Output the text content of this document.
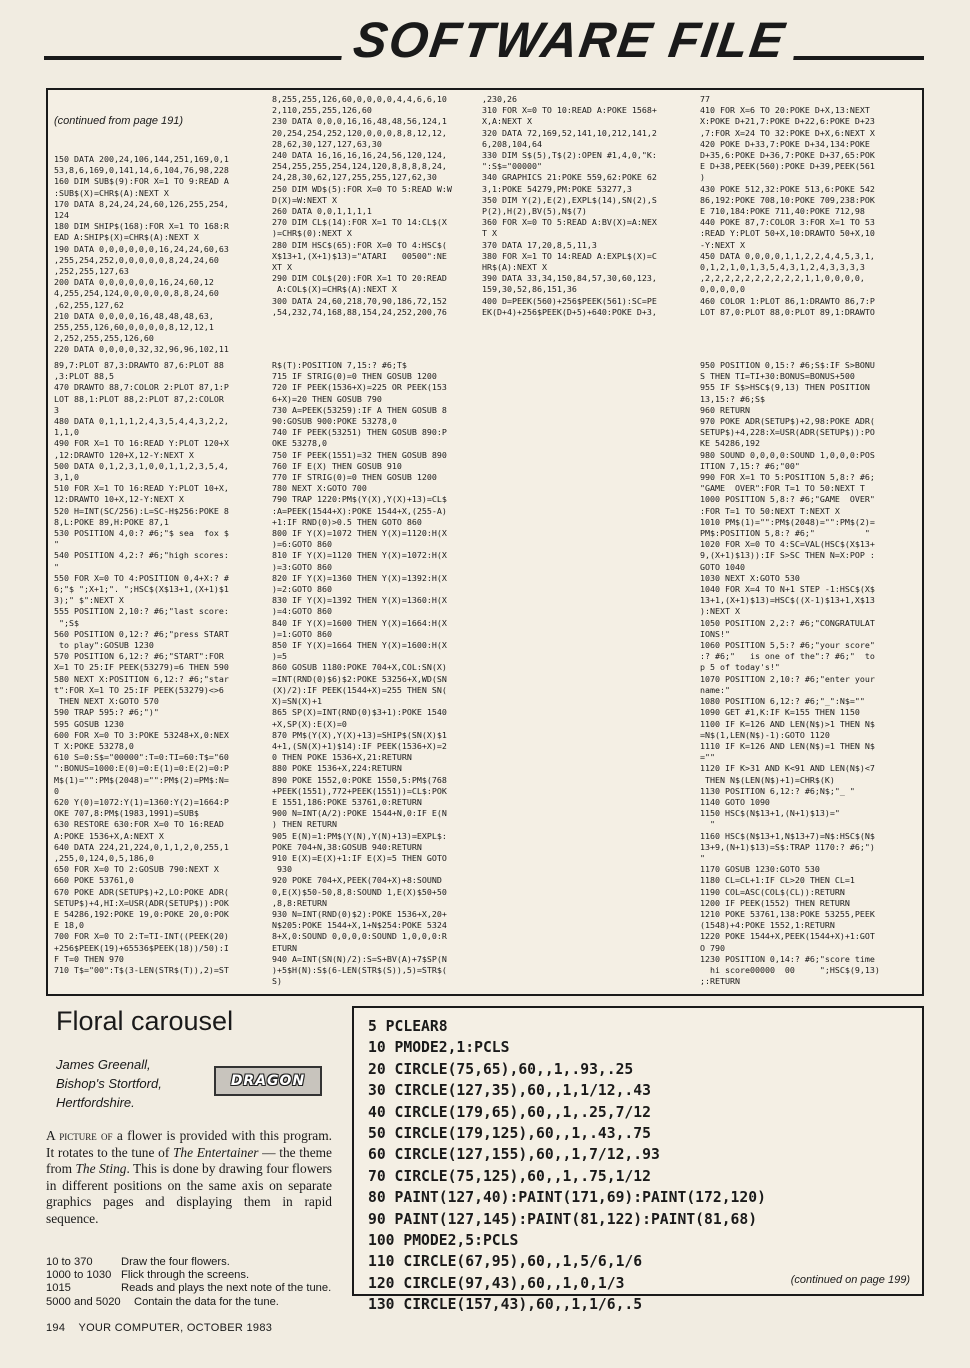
SOFTWARE FILE

(continued from page 191)

150 DATA 200,24,106,144,251,169,0,1
53,8,6,169,0,141,14,6,104,76,98,228
160 DIM SUB$(9):FOR X=1 TO 9:READ A
:SUB$(X)=CHR$(A):NEXT X
170 DATA 8,24,24,24,60,126,255,254,
124
180 DIM SHIP$(168):FOR X=1 TO 168:R
EAD A:SHIP$(X)=CHR$(A):NEXT X
190 DATA 0,0,0,0,0,0,16,24,24,60,63
,255,254,252,0,0,0,0,0,8,24,24,60
,252,255,127,63
200 DATA 0,0,0,0,0,0,16,24,60,12
4,255,254,124,0,0,0,0,0,8,8,24,60
,62,255,127,62
210 DATA 0,0,0,0,16,48,48,48,63,
255,255,126,60,0,0,0,0,8,12,12,1
2,252,255,255,126,60
220 DATA 0,0,0,0,32,32,96,96,102,11

8,255,255,126,60,0,0,0,0,4,4,6,6,10
2,110,255,255,126,60
230 DATA 0,0,0,16,16,48,48,56,124,1
20,254,254,252,120,0,0,0,8,8,12,12,
28,62,30,127,127,63,30
240 DATA 16,16,16,16,24,56,120,124,
254,255,255,254,124,120,8,8,8,8,24,
24,28,30,62,127,255,255,127,62,30
250 DIM WD$(5):FOR X=0 TO 5:READ W:W
D(X)=W:NEXT X
260 DATA 0,0,1,1,1,1
270 DIM CL$(14):FOR X=1 TO 14:CL$(X
)=CHR$(0):NEXT X
280 DIM HSC$(65):FOR X=0 TO 4:HSC$(
X$13+1,(X+1)$13)="ATARI   00500":NE
XT X
290 DIM COL$(20):FOR X=1 TO 20:READ
A:COL$(X)=CHR$(A):NEXT X
300 DATA 24,60,218,70,90,186,72,152
,54,232,74,168,88,154,24,252,200,76
,230,26
310 FOR X=0 TO 10:READ A:POKE 1568+
X,A:NEXT X
320 DATA 72,169,52,141,10,212,141,2
6,208,104,64
330 DIM S$(5),T$(2):OPEN #1,4,0,"K:
":S$="00000"
340 GRAPHICS 21:POKE 559,62:POKE 62
3,1:POKE 54279,PM:POKE 53277,3
350 DIM Y(2),E(2),EXPL$(14),SN(2),S
P(2),H(2),BV(5),N$(7)
360 FOR X=0 TO 5:READ A:BV(X)=A:NEX
T X
370 DATA 17,20,8,5,11,3
380 FOR X=1 TO 14:READ A:EXPL$(X)=C
HR$(A):NEXT X
390 DATA 33,34,150,84,57,30,60,123,
159,30,52,86,151,36
400 D=PEEK(560)+256$PEEK(561):SC=PE
EK(D+4)+256$PEEK(D+5)+640:POKE D+3,
77
410 FOR X=6 TO 20:POKE D+X,13:NEXT
X:POKE D+21,7:POKE D+22,6:POKE D+23
,7:FOR X=24 TO 32:POKE D+X,6:NEXT X
420 POKE D+33,7:POKE D+34,134:POKE
D+35,6:POKE D+36,7:POKE D+37,65:POK
E D+38,PEEK(560):POKE D+39,PEEK(561
)
430 POKE 512,32:POKE 513,6:POKE 542
86,192:POKE 708,10:POKE 709,238:POK
E 710,184:POKE 711,40:POKE 712,98
440 POKE 87,7:COLOR 3:FOR X=1 TO 53
:READ Y:PLOT 50+X,10:DRAWTO 50+X,10
-Y:NEXT X
450 DATA 0,0,0,0,1,1,2,2,4,4,5,3,1,
0,1,2,1,0,1,3,5,4,3,1,2,4,3,3,3,3
,2,2,2,2,2,2,2,2,2,2,1,1,0,0,0,0,
0,0,0,0,0
460 COLOR 1:PLOT 86,1:DRAWTO 86,7:P
LOT 87,0:PLOT 88,0:PLOT 89,1:DRAWTO
89,7:PLOT 87,3:DRAWTO 87,6:PLOT 88
,3:PLOT 88,5
470 DRAWTO 88,7:COLOR 2:PLOT 87,1:P
LOT 88,1:PLOT 88,2:PLOT 87,2:COLOR
3
480 DATA 0,1,1,1,2,4,3,5,4,4,3,2,2,
1,1,0
490 FOR X=1 TO 16:READ Y:PLOT 120+X
,12:DRAWTO 120+X,12-Y:NEXT X
500 DATA 0,1,2,3,1,0,0,1,1,2,3,5,4,
3,1,0
510 FOR X=1 TO 16:READ Y:PLOT 10+X,
12:DRAWTO 10+X,12-Y:NEXT X
520 H=INT(SC/256):L=SC-H$256:POKE 8
8,L:POKE 89,H:POKE 87,1
530 POSITION 4,0:? #6;"$ sea  fox $
"
540 POSITION 4,2:? #6;"high scores:
"
550 FOR X=0 TO 4:POSITION 0,4+X:? #
6;"$ ";X+1;". ";HSC$(X$13+1,(X+1)$1
3);" $":NEXT X
555 POSITION 2,10:? #6;"last score:
";S$
560 POSITION 0,12:? #6;"press START
to play":GOSUB 1230
570 POSITION 6,12:? #6;"START":FOR
X=1 TO 25:IF PEEK(53279)=6 THEN 590
580 NEXT X:POSITION 6,12:? #6;"star
t":FOR X=1 TO 25:IF PEEK(53279)<>6
THEN NEXT X:GOTO 570
590 TRAP 595:? #6;")"
595 GOSUB 1230
600 FOR X=0 TO 3:POKE 53248+X,0:NEX
T X:POKE 53278,0
610 S=0:S$="00000":T=0:TI=60:T$="60
":BONUS=1000:E(0)=0:E(1)=0:E(2)=0:P
M$(1)="":PM$(2048)="":PM$(2)=PM$:N=
0
620 Y(0)=1072:Y(1)=1360:Y(2)=1664:P
OKE 707,8:PM$(1983,1991)=SUB$
630 RESTORE 630:FOR X=0 TO 16:READ
A:POKE 1536+X,A:NEXT X
640 DATA 224,21,224,0,1,1,2,0,255,1
,255,0,124,0,5,186,0
650 FOR X=0 TO 2:GOSUB 790:NEXT X
660 POKE 53761,0
670 POKE ADR(SETUP$)+2,LO:POKE ADR(
SETUP$)+4,HI:X=USR(ADR(SETUP$)):POK
E 54286,192:POKE 19,0:POKE 20,0:POK
E 18,0
700 FOR X=0 TO 2:T=TI-INT((PEEK(20)
+256$PEEK(19)+65536$PEEK(18))/50):I
F T=0 THEN 970
710 T$="00":T$(3-LEN(STR$(T)),2)=ST
R$(T):POSITION 7,15:? #6;T$
715 IF STRIG(0)=0 THEN GOSUB 1200
720 IF PEEK(1536+X)=225 OR PEEK(153
6+X)=20 THEN GOSUB 790
730 A=PEEK(53259):IF A THEN GOSUB 8
90:GOSUB 900:POKE 53278,0
740 IF PEEK(53251) THEN GOSUB 890:P
OKE 53278,0
750 IF PEEK(1551)=32 THEN GOSUB 890
760 IF E(X) THEN GOSUB 910
770 IF STRIG(0)=0 THEN GOSUB 1200
780 NEXT X:GOTO 700
790 TRAP 1220:PM$(Y(X),Y(X)+13)=CL$
:A=PEEK(1544+X):POKE 1544+X,(255-A)
+1:IF RND(0)>0.5 THEN GOTO 860
800 IF Y(X)=1072 THEN Y(X)=1120:H(X
)=6:GOTO 860
810 IF Y(X)=1120 THEN Y(X)=1072:H(X
)=3:GOTO 860
820 IF Y(X)=1360 THEN Y(X)=1392:H(X
)=2:GOTO 860
830 IF Y(X)=1392 THEN Y(X)=1360:H(X
)=4:GOTO 860
840 IF Y(X)=1600 THEN Y(X)=1664:H(X
)=1:GOTO 860
850 IF Y(X)=1664 THEN Y(X)=1600:H(X
)=5
860 GOSUB 1180:POKE 704+X,COL:SN(X)
=INT(RND(0)$6)$2:POKE 53256+X,WD(SN
(X)/2):IF PEEK(1544+X)=255 THEN SN(
X)=SN(X)+1
865 SP(X)=INT(RND(0)$3+1):POKE 1540
+X,SP(X):E(X)=0
870 PM$(Y(X),Y(X)+13)=SHIP$(SN(X)$1
4+1,(SN(X)+1)$14):IF PEEK(1536+X)=2
0 THEN POKE 1536+X,21:RETURN
880 POKE 1536+X,224:RETURN
890 POKE 1552,0:POKE 1550,5:PM$(768
+PEEK(1551),772+PEEK(1551))=CL$:POK
E 1551,186:POKE 53761,0:RETURN
900 N=INT(A/2):POKE 1544+N,0:IF E(N
) THEN RETURN
905 E(N)=1:PM$(Y(N),Y(N)+13)=EXPL$:
POKE 704+N,38:GOSUB 940:RETURN
910 E(X)=E(X)+1:IF E(X)=5 THEN GOTO
930
920 POKE 704+X,PEEK(704+X)+8:SOUND
0,E(X)$50-50,8,8:SOUND 1,E(X)$50+50
,8,8:RETURN
930 N=INT(RND(0)$2):POKE 1536+X,20+
N$205:POKE 1544+X,1+N$254:POKE 5324
8+X,0:SOUND 0,0,0,0:SOUND 1,0,0,0:R
ETURN
940 A=INT(SN(N)/2):S=S+BV(A)+7$SP(N
)+5$H(N):S$(6-LEN(STR$(S)),5)=STR$(
S)
950 POSITION 0,15:? #6;S$:IF S>BONU
S THEN TI=TI+30:BONUS=BONUS+500
955 IF S$>HSC$(9,13) THEN POSITION
13,15:? #6;S$
960 RETURN
970 POKE ADR(SETUP$)+2,98:POKE ADR(
SETUP$)+4,228:X=USR(ADR(SETUP$)):PO
KE 54286,192
980 SOUND 0,0,0,0:SOUND 1,0,0,0:POS
ITION 7,15:? #6;"00"
990 FOR X=1 TO 5:POSITION 5,8:? #6;
"GAME  OVER":FOR T=1 TO 50:NEXT T
1000 POSITION 5,8:? #6;"GAME  OVER"
:FOR T=1 TO 50:NEXT T:NEXT X
1010 PM$(1)="":PM$(2048)="":PM$(2)=
PM$:POSITION 5,8:? #6;"          "
1020 FOR X=0 TO 4:SC=VAL(HSC$(X$13+
9,(X+1)$13)):IF S>SC THEN N=X:POP :
GOTO 1040
1030 NEXT X:GOTO 530
1040 FOR X=4 TO N+1 STEP -1:HSC$(X$
13+1,(X+1)$13)=HSC$((X-1)$13+1,X$13
):NEXT X
1050 POSITION 2,2:? #6;"CONGRATULAT
IONS!"
1060 POSITION 5,5:? #6;"your score"
:? #6;"   is one of the":? #6;"  to
p 5 of today's!"
1070 POSITION 2,10:? #6;"enter your
name:"
1080 POSITION 6,12:? #6;"_":N$=""
1090 GET #1,K:IF K=155 THEN 1150
1100 IF K=126 AND LEN(N$)>1 THEN N$
=N$(1,LEN(N$)-1):GOTO 1120
1110 IF K=126 AND LEN(N$)=1 THEN N$
=""
1120 IF K>31 AND K<91 AND LEN(N$)<7
THEN N$(LEN(N$)+1)=CHR$(K)
1130 POSITION 6,12:? #6;N$;"_ "
1140 GOTO 1090
1150 HSC$(N$13+1,(N+1)$13)="
"
1160 HSC$(N$13+1,N$13+7)=N$:HSC$(N$
13+9,(N+1)$13)=S$:TRAP 1170:? #6;")
"
1170 GOSUB 1230:GOTO 530
1180 CL=CL+1:IF CL>20 THEN CL=1
1190 COL=ASC(COL$(CL)):RETURN
1200 IF PEEK(1552) THEN RETURN
1210 POKE 53761,138:POKE 53255,PEEK
(1548)+4:POKE 1552,1:RETURN
1220 POKE 1544+X,PEEK(1544+X)+1:GOT
O 790
1230 POSITION 0,14:? #6;"score time
hi score00000  00     ";HSC$(9,13)
;:RETURN
Floral carousel
James Greenall,
Bishop's Stortford,
Hertfordshire.
DRAGON
A picture of a flower is provided with this program. It rotates to the tune of The Entertainer — the theme from The Sting. This is done by drawing four flowers in different positions on the same axis on separate graphics pages and displaying them in rapid sequence.
10 to 370	Draw the four flowers.
1000 to 1030 Flick through the screens.
1015	Reads and plays the next note of the tune.
5000 and 5020	Contain the data for the tune.
5 PCLEAR8
10 PMODE2,1:PCLS
20 CIRCLE(75,65),60,,1,.93,.25
30 CIRCLE(127,35),60,,1,1/12,.43
40 CIRCLE(179,65),60,,1,.25,7/12
50 CIRCLE(179,125),60,,1,.43,.75
60 CIRCLE(127,155),60,,1,7/12,.93
70 CIRCLE(75,125),60,,1,.75,1/12
80 PAINT(127,40):PAINT(171,69):PAINT(172,120)
90 PAINT(127,145):PAINT(81,122):PAINT(81,68)
100 PMODE2,5:PCLS
110 CIRCLE(67,95),60,,1,5/6,1/6
120 CIRCLE(97,43),60,,1,0,1/3
130 CIRCLE(157,43),60,,1,1/6,.5
(continued on page 199)
194 YOUR COMPUTER, OCTOBER 1983
